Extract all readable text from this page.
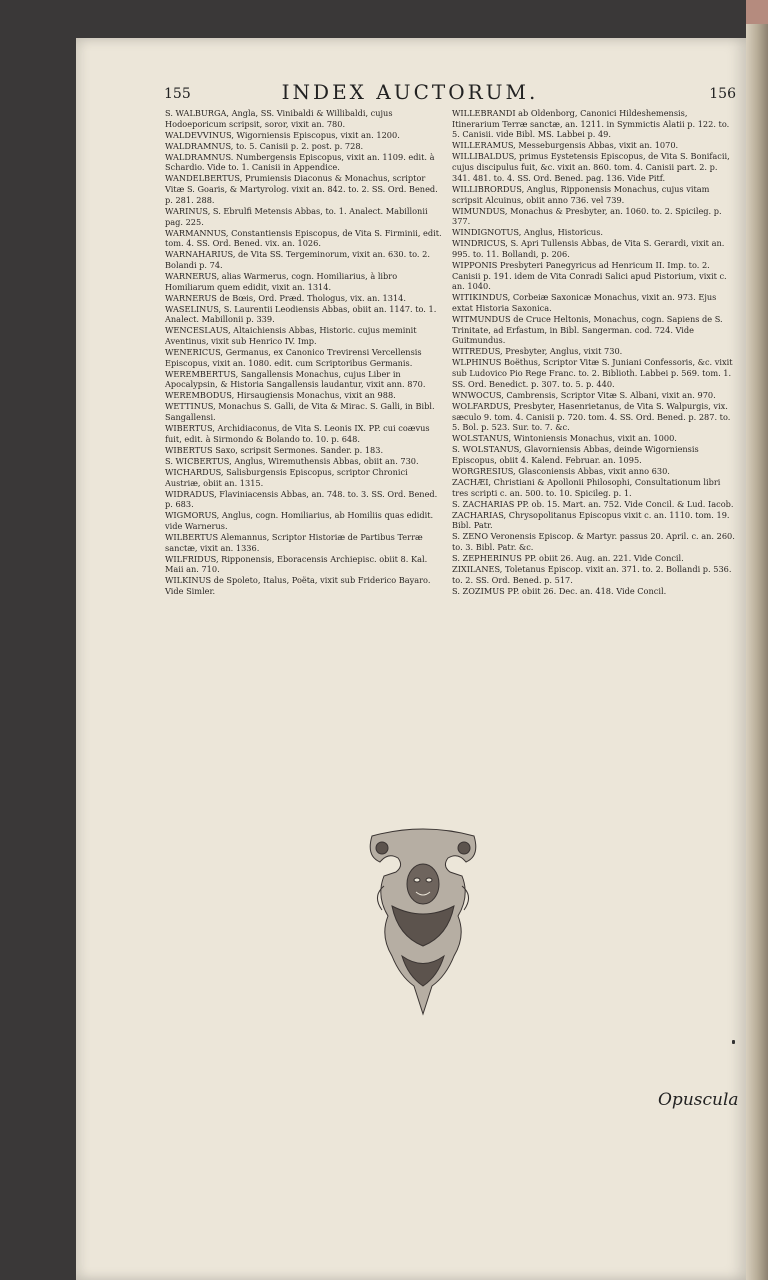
155	INDEX AUCTORUM.	156
S. WALBURGA, Angla, SS. Vinibaldi & Willibaldi, cujus Hodoeporicum scripsit, soror, vixit an. 780.
WALDEVVINUS, Wigorniensis Episcopus, vixit an. 1200.
WALDRAMNUS, to. 5. Canisii p. 2. post. p. 728.
WALDRAMNUS. Numbergensis Episcopus, vixit an. 1109. edit. à Schardio. Vide to. 1. Canisii in Appendice.
WANDELBERTUS, Prumiensis Diaconus & Monachus, scriptor Vitæ S. Goaris, & Martyrolog. vixit an. 842. to. 2. SS. Ord. Bened. p. 281. 288.
WARINUS, S. Ebrulfi Metensis Abbas, to. 1. Analect. Mabillonii pag. 225.
WARMANNUS, Constantiensis Episcopus, de Vita S. Firminii, edit. tom. 4. SS. Ord. Bened. vix. an. 1026.
WARNAHARIUS, de Vita SS. Tergeminorum, vixit an. 630. to. 2. Bolandi p. 74.
WARNERUS, alias Warmerus, cogn. Homiliarius, à libro Homiliarum quem edidit, vixit an. 1314.
WARNERUS de Bœis, Ord. Præd. Thologus, vix. an. 1314.
WASELINUS, S. Laurentii Leodiensis Abbas, obiit an. 1147. to. 1. Analect. Mabillonii p. 339.
WENCESLAUS, Altaichiensis Abbas, Historic. cujus meminit Aventinus, vixit sub Henrico IV. Imp.
WENERICUS, Germanus, ex Canonico Trevirensi Vercellensis Episcopus, vixit an. 1080. edit. cum Scriptoribus Germanis.
WEREMBERTUS, Sangallensis Monachus, cujus Liber in Apocalypsin, & Historia Sangallensis laudantur, vixit ann. 870.
WEREMBODUS, Hirsaugiensis Monachus, vixit an 988.
WETTINUS, Monachus S. Galli, de Vita & Mirac. S. Galli, in Bibl. Sangallensi.
WIBERTUS, Archidiaconus, de Vita S. Leonis IX. PP. cui coævus fuit, edit. à Sirmondo & Bolando to. 10. p. 648.
WIBERTUS Saxo, scripsit Sermones. Sander. p. 183.
S. WICBERTUS, Anglus, Wiremuthensis Abbas, obiit an. 730.
WICHARDUS, Salisburgensis Episcopus, scriptor Chronici Austriæ, obiit an. 1315.
WIDRADUS, Flaviniacensis Abbas, an. 748. to. 3. SS. Ord. Bened. p. 683.
WIGMORUS, Anglus, cogn. Homiliarius, ab Homiliis quas edidit. vide Warnerus.
WILBERTUS Alemannus, Scriptor Historiæ de Partibus Terræ sanctæ, vixit an. 1336.
WILFRIDUS, Ripponensis, Eboracensis Archiepisc. obiit 8. Kal. Maii an. 710.
WILKINUS de Spoleto, Italus, Poëta, vixit sub Friderico Bayaro. Vide Simler.
WILLEBRANDI ab Oldenborg, Canonici Hildeshemensis, Itinerarium Terræ sanctæ, an. 1211. in Symmictis Alatii p. 122. to. 5. Canisii. vide Bibl. MS. Labbei p. 49.
WILLERAMUS, Messeburgensis Abbas, vixit an. 1070.
WILLIBALDUS, primus Eystetensis Episcopus, de Vita S. Bonifacii, cujus discipulus fuit, &c. vixit an. 860. tom. 4. Canisii part. 2. p. 341. 481. to. 4. SS. Ord. Bened. pag. 136. Vide Pitf.
WILLIBRORDUS, Anglus, Ripponensis Monachus, cujus vitam scripsit Alcuinus, obiit anno 736. vel 739.
WIMUNDUS, Monachus & Presbyter, an. 1060. to. 2. Spicileg. p. 377.
WINDIGNOTUS, Anglus, Historicus.
WINDRICUS, S. Apri Tullensis Abbas, de Vita S. Gerardi, vixit an. 995. to. 11. Bollandi, p. 206.
WIPPONIS Presbyteri Panegyricus ad Henricum II. Imp. to. 2. Canisii p. 191. idem de Vita Conradi Salici apud Pistorium, vixit c. an. 1040.
WITIKINDUS, Corbeiæ Saxonicæ Monachus, vixit an. 973. Ejus extat Historia Saxonica.
WITMUNDUS de Cruce Heltonis, Monachus, cogn. Sapiens de S. Trinitate, ad Erfastum, in Bibl. Sangerman. cod. 724. Vide Guitmundus.
WITREDUS, Presbyter, Anglus, vixit 730.
WLPHINUS Boëthus, Scriptor Vitæ S. Juniani Confessoris, &c. vixit sub Ludovico Pio Rege Franc. to. 2. Biblioth. Labbei p. 569. tom. 1. SS. Ord. Benedict. p. 307. to. 5. p. 440.
WNWOCUS, Cambrensis, Scriptor Vitæ S. Albani, vixit an. 970.
WOLFARDUS, Presbyter, Hasenrietanus, de Vita S. Walpurgis, vix. sæculo 9. tom. 4. Canisii p. 720. tom. 4. SS. Ord. Bened. p. 287. to. 5. Bol. p. 523. Sur. to. 7. &c.
WOLSTANUS, Wintoniensis Monachus, vixit an. 1000.
S. WOLSTANUS, Glavorniensis Abbas, deinde Wigorniensis Episcopus, obiit 4. Kalend. Februar. an. 1095.
WORGRESIUS, Glasconiensis Abbas, vixit anno 630.
ZACHÆI, Christiani & Apollonii Philosophi, Consultationum libri tres scripti c. an. 500. to. 10. Spicileg. p. 1.
S. ZACHARIAS PP. ob. 15. Mart. an. 752. Vide Concil. & Lud. Iacob.
ZACHARIAS, Chrysopolitanus Episcopus vixit c. an. 1110. tom. 19. Bibl. Patr.
S. ZENO Veronensis Episcop. & Martyr. passus 20. April. c. an. 260. to. 3. Bibl. Patr. &c.
S. ZEPHERINUS PP. obiit 26. Aug. an. 221. Vide Concil.
ZIXILANES, Toletanus Episcop. vixit an. 371. to. 2. Bollandi p. 536. to. 2. SS. Ord. Bened. p. 517.
S. ZOZIMUS PP. obiit 26. Dec. an. 418. Vide Concil.
Opuscula
